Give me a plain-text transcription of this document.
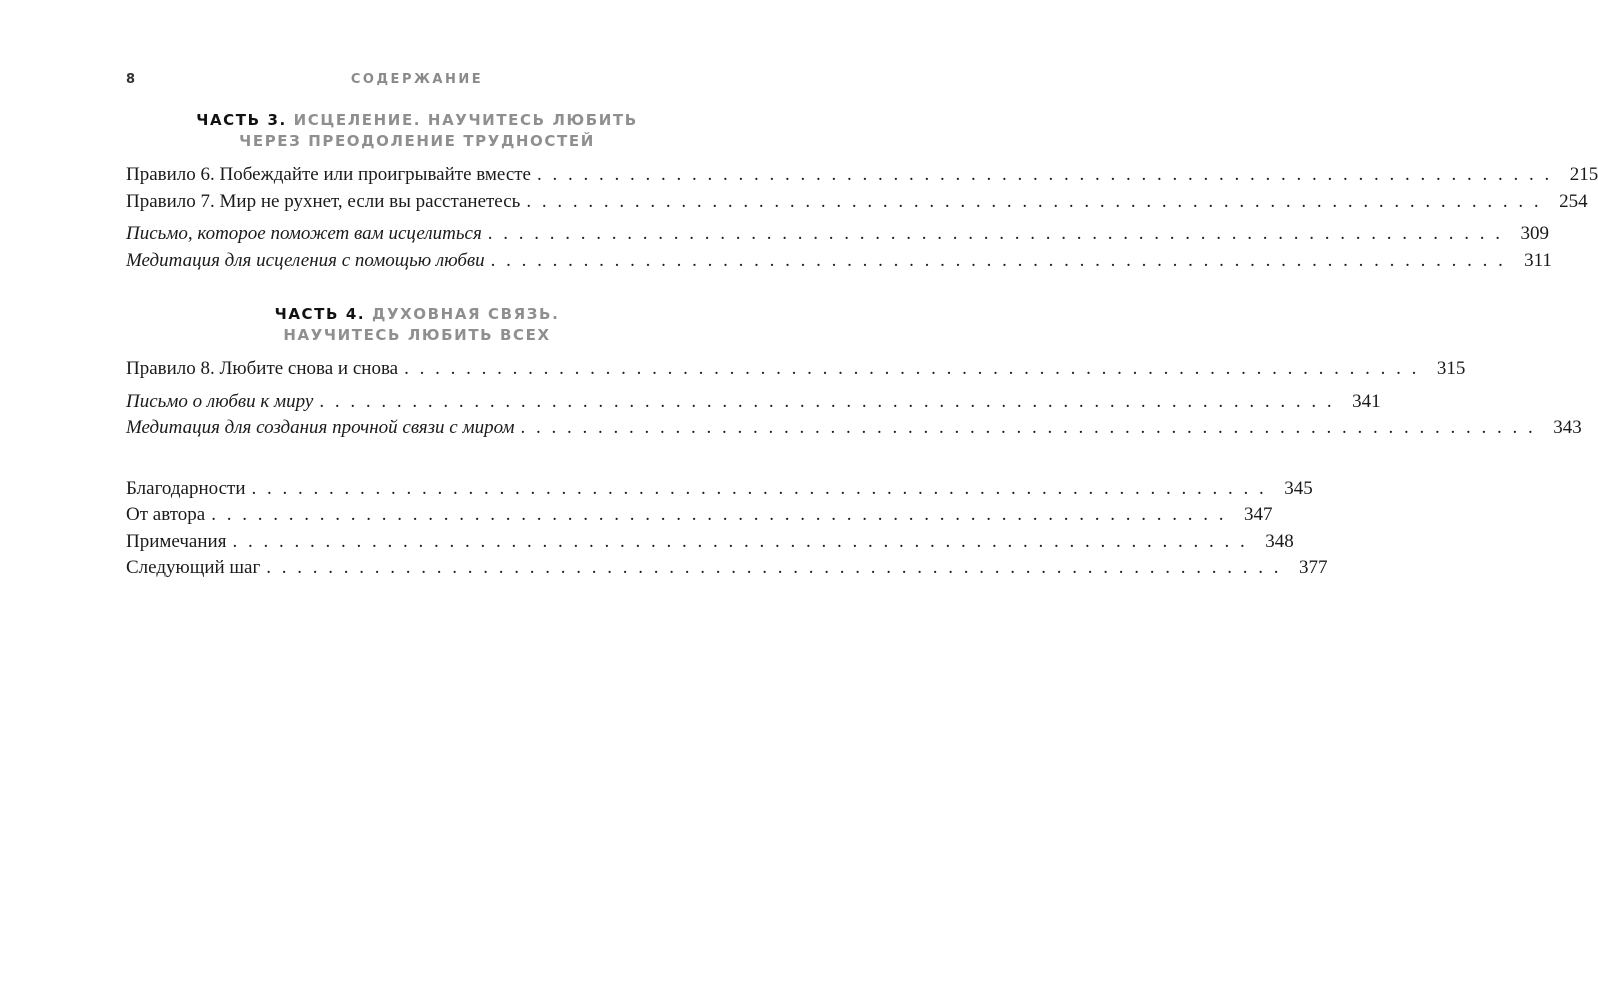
8	СОДЕРЖАНИЕ
ЧАСТЬ 3. ИСЦЕЛЕНИЕ. НАУЧИТЕСЬ ЛЮБИТЬ
ЧЕРЕЗ ПРЕОДОЛЕНИЕ ТРУДНОСТЕЙ
Правило 6. Побеждайте или проигрывайте вместе . . . . . . . . . . . . . . . . . . . . . . . . . . . . . . . . . . . . . . . . . . . . . . . . . . . . . . . . . . . . . . . . . . 215
Правило 7. Мир не рухнет, если вы расстанетесь . . . . . . . . . . . . . . . . . . . . . . . . . . . . . . . . . . . . . . . . . . . . . . . . . . . . . . . . . . . . . . . . . . 254
Письмо, которое поможет вам исцелиться . . . . . . . . . . . . . . . . . . . . . . . . . . . . . . . . . . . . . . . . . . . . . . . . . . . . . . . . . . . . . . . . . . 309
Медитация для исцеления с помощью любви . . . . . . . . . . . . . . . . . . . . . . . . . . . . . . . . . . . . . . . . . . . . . . . . . . . . . . . . . . . . . . . . . . 311
ЧАСТЬ 4. ДУХОВНАЯ СВЯЗЬ.
НАУЧИТЕСЬ ЛЮБИТЬ ВСЕХ
Правило 8. Любите снова и снова . . . . . . . . . . . . . . . . . . . . . . . . . . . . . . . . . . . . . . . . . . . . . . . . . . . . . . . . . . . . . . . . . . 315
Письмо о любви к миру . . . . . . . . . . . . . . . . . . . . . . . . . . . . . . . . . . . . . . . . . . . . . . . . . . . . . . . . . . . . . . . . . . 341
Медитация для создания прочной связи с миром . . . . . . . . . . . . . . . . . . . . . . . . . . . . . . . . . . . . . . . . . . . . . . . . . . . . . . . . . . . . . . . . . . 343
Благодарности . . . . . . . . . . . . . . . . . . . . . . . . . . . . . . . . . . . . . . . . . . . . . . . . . . . . . . . . . . . . . . . . . . 345
От автора . . . . . . . . . . . . . . . . . . . . . . . . . . . . . . . . . . . . . . . . . . . . . . . . . . . . . . . . . . . . . . . . . . 347
Примечания . . . . . . . . . . . . . . . . . . . . . . . . . . . . . . . . . . . . . . . . . . . . . . . . . . . . . . . . . . . . . . . . . . 348
Следующий шаг . . . . . . . . . . . . . . . . . . . . . . . . . . . . . . . . . . . . . . . . . . . . . . . . . . . . . . . . . . . . . . . . . . 377
